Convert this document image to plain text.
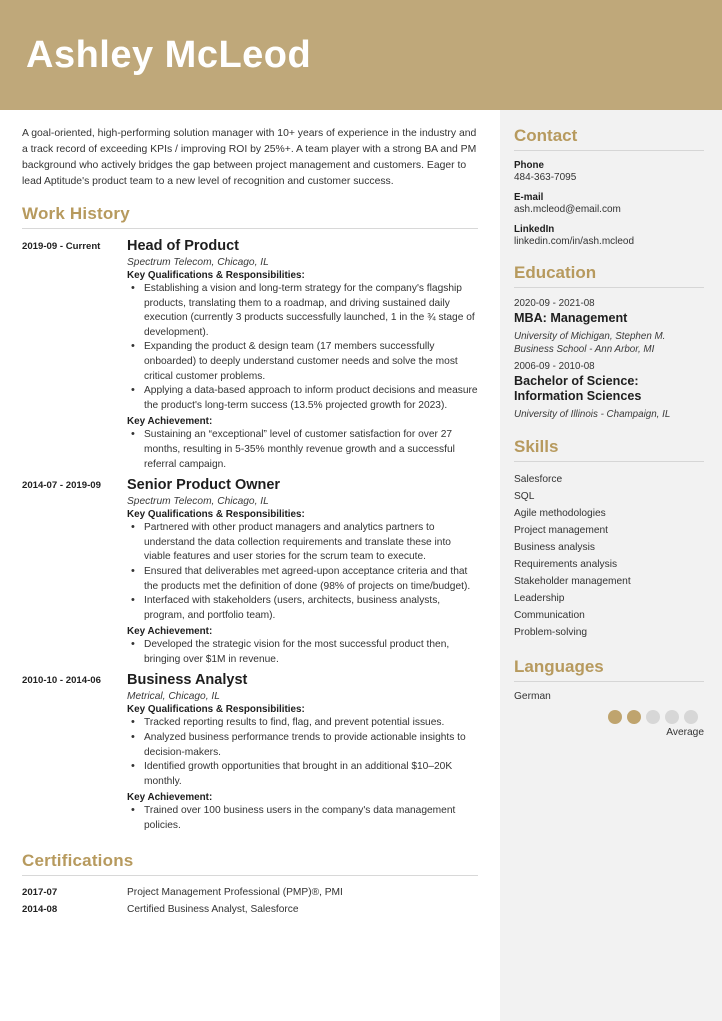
Ashley McLeod
A goal-oriented, high-performing solution manager with 10+ years of experience in the industry and a track record of exceeding KPIs / improving ROI by 25%+. A team player with a strong BA and PM background who actively bridges the gap between project management and customers. Eager to lead Aptitude's product team to a new level of recognition and customer success.
Work History
2019-09 - Current	Head of Product
Spectrum Telecom, Chicago, IL
Key Qualifications & Responsibilities:
• Establishing a vision and long-term strategy for the company's flagship products, translating them to a roadmap, and driving sustained daily execution (currently 3 products successfully launched, 1 in the ¾ stage of development).
• Expanding the product & design team (17 members successfully onboarded) to deeply understand customer needs and solve the most critical customer problems.
• Applying a data-based approach to inform product decisions and measure the product's long-term success (13.5% projected growth for 2023).
Key Achievement:
• Sustaining an “exceptional” level of customer satisfaction for over 27 months, resulting in 5-35% monthly revenue growth and a successful referral campaign.
2014-07 - 2019-09	Senior Product Owner
Spectrum Telecom, Chicago, IL
Key Qualifications & Responsibilities:
• Partnered with other product managers and analytics partners to understand the data collection requirements and translate these into viable features and user stories for the scrum team to execute.
• Ensured that deliverables met agreed-upon acceptance criteria and that the products met the definition of done (98% of projects on time/budget).
• Interfaced with stakeholders (users, architects, business analysts, program, and portfolio team).
Key Achievement:
• Developed the strategic vision for the most successful product then, bringing over $1M in revenue.
2010-10 - 2014-06	Business Analyst
Metrical, Chicago, IL
Key Qualifications & Responsibilities:
• Tracked reporting results to find, flag, and prevent potential issues.
• Analyzed business performance trends to provide actionable insights to decision-makers.
• Identified growth opportunities that brought in an additional $10–20K monthly.
Key Achievement:
• Trained over 100 business users in the company's data management policies.
Certifications
2017-07	Project Management Professional (PMP)®, PMI
2014-08	Certified Business Analyst, Salesforce
Contact
Phone
484-363-7095
E-mail
ash.mcleod@email.com
LinkedIn
linkedin.com/in/ash.mcleod
Education
2020-09 - 2021-08
MBA: Management
University of Michigan, Stephen M. Business School - Ann Arbor, MI
2006-09 - 2010-08
Bachelor of Science: Information Sciences
University of Illinois - Champaign, IL
Skills
Salesforce
SQL
Agile methodologies
Project management
Business analysis
Requirements analysis
Stakeholder management
Leadership
Communication
Problem-solving
Languages
German
Average
